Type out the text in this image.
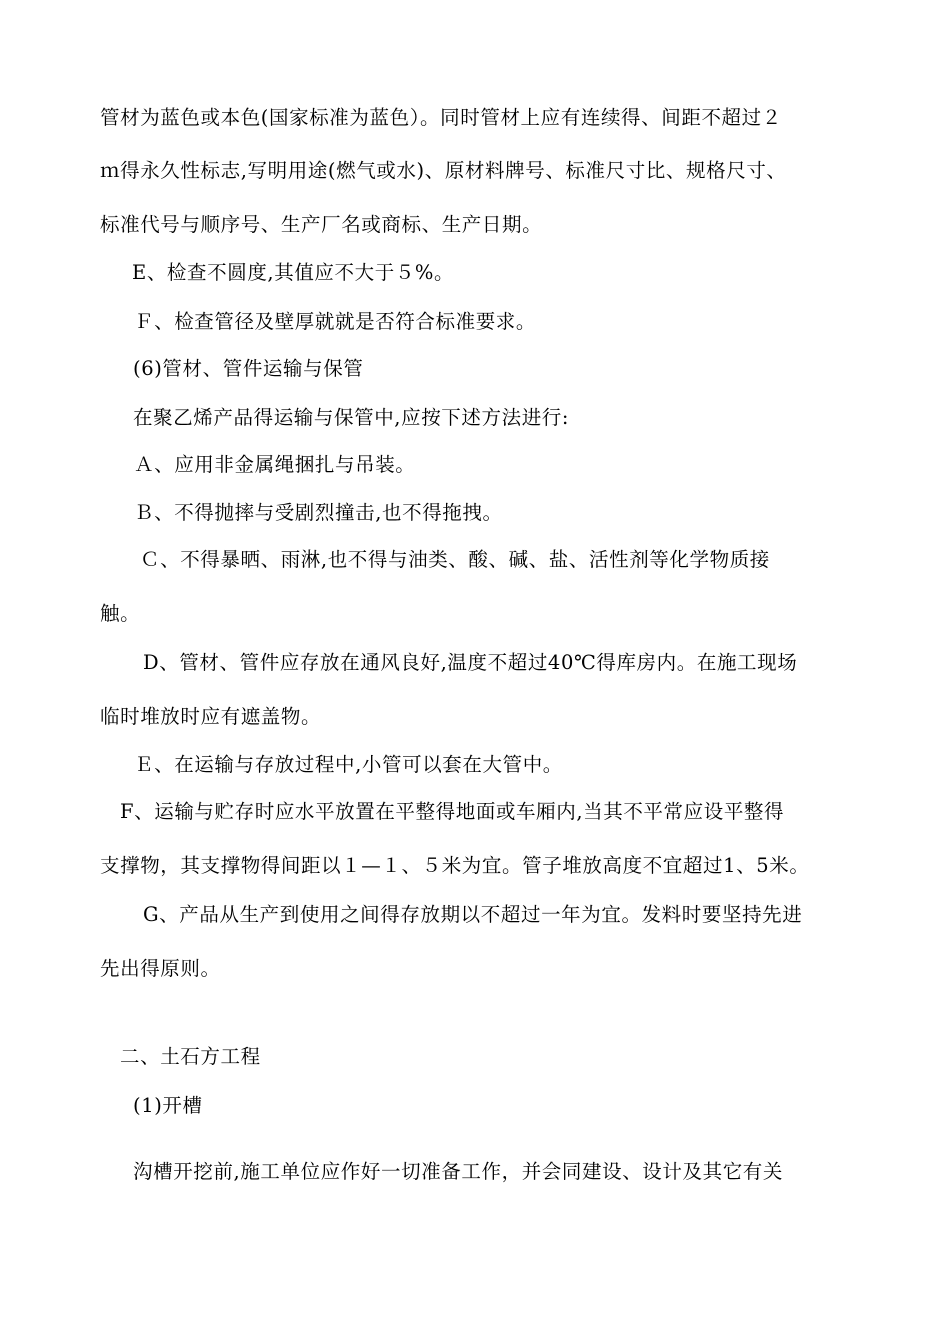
管材为蓝色或本色(国家标准为蓝色）。同时管材上应有连续得、间距不超过２
ｍ得永久性标志,写明用途(燃气或水)、原材料牌号、标准尺寸比、规格尺寸、
标准代号与顺序号、生产厂名或商标、生产日期。
E、检查不圆度,其值应不大于５%。
Ｆ、检查管径及壁厚就就是否符合标准要求。
(6)管材、管件运输与保管
在聚乙烯产品得运输与保管中,应按下述方法进行:
Ａ、应用非金属绳捆扎与吊装。
Ｂ、不得抛摔与受剧烈撞击,也不得拖拽。
Ｃ、不得暴晒、雨淋,也不得与油类、酸、碱、盐、活性剂等化学物质接
触。
D、管材、管件应存放在通风良好,温度不超过40℃得库房内。在施工现场
临时堆放时应有遮盖物。
Ｅ、在运输与存放过程中,小管可以套在大管中。
F、运输与贮存时应水平放置在平整得地面或车厢内,当其不平常应设平整得
支撑物，其支撑物得间距以１—１、５米为宜。管子堆放高度不宜超过1、5米。
G、产品从生产到使用之间得存放期以不超过一年为宜。发料时要坚持先进
先出得原则。
二、土石方工程
(1)开槽
沟槽开挖前,施工单位应作好一切准备工作，并会同建设、设计及其它有关
